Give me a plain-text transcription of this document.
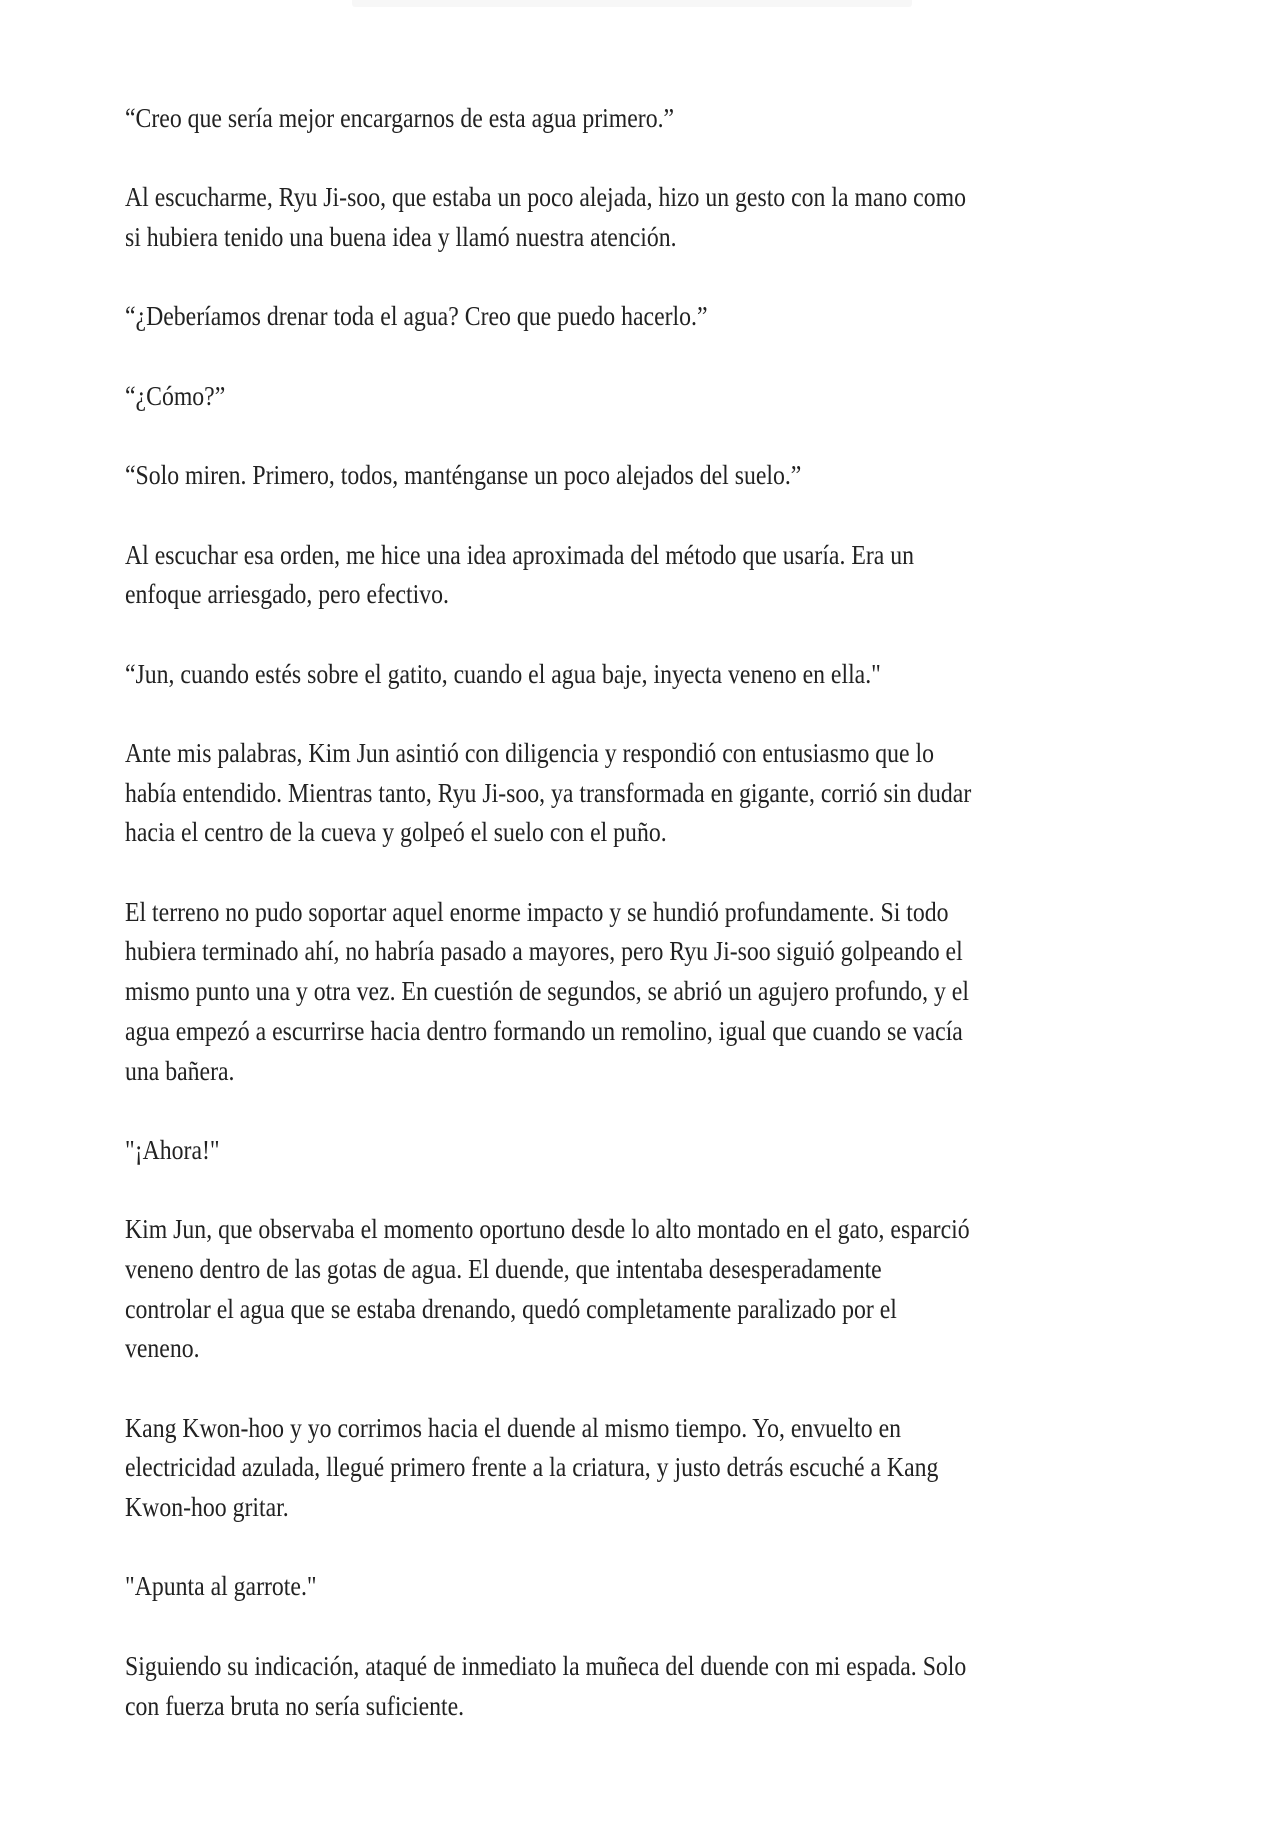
“Creo que sería mejor encargarnos de esta agua primero.”

Al escucharme, Ryu Ji-soo, que estaba un poco alejada, hizo un gesto con la mano como
si hubiera tenido una buena idea y llamó nuestra atención.

“¿Deberíamos drenar toda el agua? Creo que puedo hacerlo.”

“¿Cómo?”

“Solo miren. Primero, todos, manténganse un poco alejados del suelo.”

Al escuchar esa orden, me hice una idea aproximada del método que usaría. Era un
enfoque arriesgado, pero efectivo.

“Jun, cuando estés sobre el gatito, cuando el agua baje, inyecta veneno en ella."

Ante mis palabras, Kim Jun asintió con diligencia y respondió con entusiasmo que lo
había entendido. Mientras tanto, Ryu Ji-soo, ya transformada en gigante, corrió sin dudar
hacia el centro de la cueva y golpeó el suelo con el puño.

El terreno no pudo soportar aquel enorme impacto y se hundió profundamente. Si todo
hubiera terminado ahí, no habría pasado a mayores, pero Ryu Ji-soo siguió golpeando el
mismo punto una y otra vez. En cuestión de segundos, se abrió un agujero profundo, y el
agua empezó a escurrirse hacia dentro formando un remolino, igual que cuando se vacía
una bañera.

"¡Ahora!"

Kim Jun, que observaba el momento oportuno desde lo alto montado en el gato, esparció
veneno dentro de las gotas de agua. El duende, que intentaba desesperadamente
controlar el agua que se estaba drenando, quedó completamente paralizado por el
veneno.

Kang Kwon-hoo y yo corrimos hacia el duende al mismo tiempo. Yo, envuelto en
electricidad azulada, llegué primero frente a la criatura, y justo detrás escuché a Kang
Kwon-hoo gritar.

"Apunta al garrote."

Siguiendo su indicación, ataqué de inmediato la muñeca del duende con mi espada. Solo
con fuerza bruta no sería suficiente.
